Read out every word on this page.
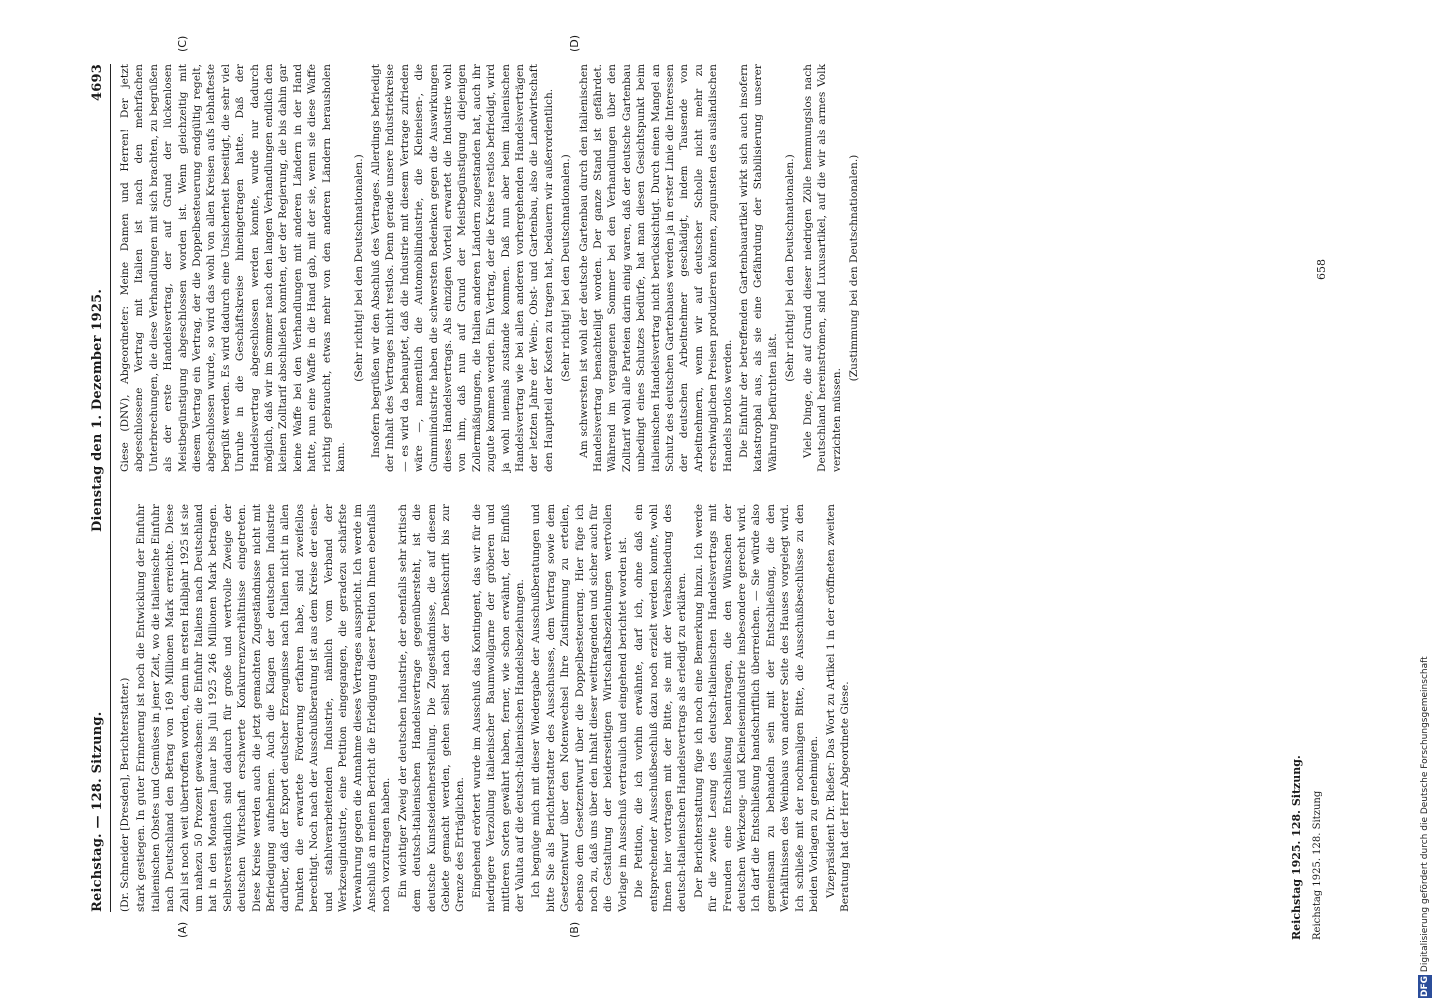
Reichstag. — 128. Sitzung.
Dienstag den 1. Dezember 1925.
4693
(A)	(B)
(C)	(D)

(Dr. Schneider [Dresden], Berichterstatter.) stark gestiegen. In guter Erinnerung ist noch die Entwicklung der Einfuhr italienischen Obstes und Gemüses in jener Zeit, wo die italienische Einfuhr nach Deutschland den Betrag von 169 Millionen Mark erreichte. Diese Zahl ist noch weit übertroffen worden, denn im ersten Halbjahr 1925 ist sie um nahezu 50 Prozent gewachsen: die Einfuhr Italiens nach Deutschland hat in den Monaten Januar bis Juli 1925 246 Millionen Mark betragen. Selbstverständlich sind dadurch für große und wertvolle Zweige der deutschen Wirtschaft erschwerte Konkurrenzverhältnisse eingetreten. Diese Kreise werden auch die jetzt gemachten Zugeständnisse nicht mit Befriedigung aufnehmen. Auch die Klagen der deutschen Industrie darüber, daß der Export deutscher Erzeugnisse nach Italien nicht in allen Punkten die erwartete Förderung erfahren habe, sind zweifellos berechtigt. Noch nach der Ausschußberatung ist aus dem Kreise der eisen- und stahlverarbeitenden Industrie, nämlich vom Verband der Werkzeugindustrie, eine Petition eingegangen, die geradezu schärfste Verwahrung gegen die Annahme dieses Vertrages ausspricht. Ich werde im Anschluß an meinen Bericht die Erledigung dieser Petition Ihnen ebenfalls noch vorzutragen haben. Ein wichtiger Zweig der deutschen Industrie, der ebenfalls sehr kritisch dem deutsch-italienischen Handelsvertrage gegenübersteht, ist die deutsche Kunstseidenherstellung. Die Zugeständnisse, die auf diesem Gebiete gemacht werden, gehen selbst nach der Denkschrift bis zur Grenze des Erträglichen. Eingehend erörtert wurde im Ausschuß das Kontingent, das wir für die niedrigere Verzollung italienischer Baumwollgarne der gröberen und mittleren Sorten gewährt haben, ferner, wie schon erwähnt, der Einfluß der Valuta auf die deutsch-italienischen Handelsbeziehungen. Ich begnüge mich mit dieser Wiedergabe der Ausschußberatungen und bitte Sie als Berichterstatter des Ausschusses, dem Vertrag sowie dem Gesetzentwurf über den Notenwechsel Ihre Zustimmung zu erteilen, ebenso dem Gesetzentwurf über die Doppelbesteuerung. Hier füge ich noch zu, daß uns über den Inhalt dieser weittragenden und sicher auch für die Gestaltung der beiderseitigen Wirtschaftsbeziehungen wertvollen Vorlage im Ausschuß vertraulich und eingehend berichtet worden ist. Die Petition, die ich vorhin erwähnte, darf ich, ohne daß ein entsprechender Ausschußbeschluß dazu noch erzielt werden konnte, wohl Ihnen hier vortragen mit der Bitte, sie mit der Verabschiedung des deutsch-italienischen Handelsvertrags als erledigt zu erklären. Der Berichterstattung füge ich noch eine Bemerkung hinzu. Ich werde für die zweite Lesung des deutsch-italienischen Handelsvertrags mit Freunden eine Entschließung beantragen, die den Wünschen der deutschen Werkzeug- und Kleineisenindustrie insbesondere gerecht wird. Ich darf die Entschließung handschriftlich überreichen. — Sie würde also gemeinsam zu behandeln sein mit der Entschließung, die den Verhältnissen des Weinbaus von anderer Seite des Hauses vorgelegt wird. Ich schließe mit der nochmaligen Bitte, die Ausschußbeschlüsse zu den beiden Vorlagen zu genehmigen. Vizepräsident Dr. Rießer: Das Wort zu Artikel 1 in der eröffneten zweiten Beratung hat der Herr Abgeordnete Giese.

Giese (DNV), Abgeordneter: Meine Damen und Herren! Der jetzt abgeschlossene Vertrag mit Italien ist nach den mehrfachen Unterbrechungen, die diese Verhandlungen mit sich brachten, zu begrüßen als der erste Handelsvertrag, der auf Grund der lückenlosen Meistbegünstigung abgeschlossen worden ist. Wenn gleichzeitig mit diesem Vertrag ein Vertrag, der die Doppelbesteuerung endgültig regelt, abgeschlossen wurde, so wird das wohl von allen Kreisen aufs lebhafteste begrüßt werden. Es wird dadurch eine Unsicherheit beseitigt, die sehr viel Unruhe in die Geschäftskreise hineingetragen hatte. Daß der Handelsvertrag abgeschlossen werden konnte, wurde nur dadurch möglich, daß wir im Sommer nach den langen Verhandlungen endlich den kleinen Zolltarif abschließen konnten, der der Regierung, die bis dahin gar keine Waffe bei den Verhandlungen mit anderen Ländern in der Hand hatte, nun eine Waffe in die Hand gab, mit der sie, wenn sie diese Waffe richtig gebraucht, etwas mehr von den anderen Ländern herausholen kann.

(Sehr richtig! bei den Deutschnationalen.) Insofern begrüßen wir den Abschluß des Vertrages. Allerdings befriedigt der Inhalt des Vertrages nicht restlos. Denn gerade unsere Industriekreise — es wird da behauptet, daß die Industrie mit diesem Vertrage zufrieden wäre —, namentlich die Automobilindustrie, die Kleineisen-, die Gummiindustrie haben die schwersten Bedenken gegen die Auswirkungen dieses Handelsvertrags. Als einzigen Vorteil erwartet die Industrie wohl von ihm, daß nun auf Grund der Meistbegünstigung diejenigen Zollermäßigungen, die Italien anderen Ländern zugestanden hat, auch ihr zugute kommen werden. Ein Vertrag, der die Kreise restlos befriedigt, wird ja wohl niemals zustande kommen. Daß nun aber beim italienischen Handelsvertrag wie bei allen anderen vorhergehenden Handelsverträgen der letzten Jahre der Wein-, Obst- und Gartenbau, also die Landwirtschaft den Hauptteil der Kosten zu tragen hat, bedauern wir außerordentlich. (Sehr richtig! bei den Deutschnationalen.) Am schwersten ist wohl der deutsche Gartenbau durch den italienischen Handelsvertrag benachteiligt worden. Der ganze Stand ist gefährdet. Während im vergangenen Sommer bei den Verhandlungen über den Zolltarif wohl alle Parteien darin einig waren, daß der deutsche Gartenbau unbedingt eines Schutzes bedürfe, hat man diesen Gesichtspunkt beim italienischen Handelsvertrag nicht berücksichtigt. Durch einen Mangel an Schutz des deutschen Gartenbaues werden ja in erster Linie die Interessen der deutschen Arbeitnehmer geschädigt, indem Tausende von Arbeitnehmern, wenn wir auf deutscher Scholle nicht mehr zu erschwinglichen Preisen produzieren können, zugunsten des ausländischen Handels brotlos werden. Die Einfuhr der betreffenden Gartenbauartikel wirkt sich auch insofern katastrophal aus, als sie eine Gefährdung der Stabilisierung unserer Währung befürchten läßt.

(Sehr richtig! bei den Deutschnationalen.) Viele Dinge, die auf Grund dieser niedrigen Zölle hemmungslos nach Deutschland hereinströmen, sind Luxusartikel, auf die wir als armes Volk verzichten müssen.

(Zustimmung bei den Deutschnationalen.)

Reichstag 1925. 128. Sitzung. Reichstag 1925. 128. Sitzung
658
DFG Digitalisierung gefördert durch die Deutsche Forschungsgemeinschaft
